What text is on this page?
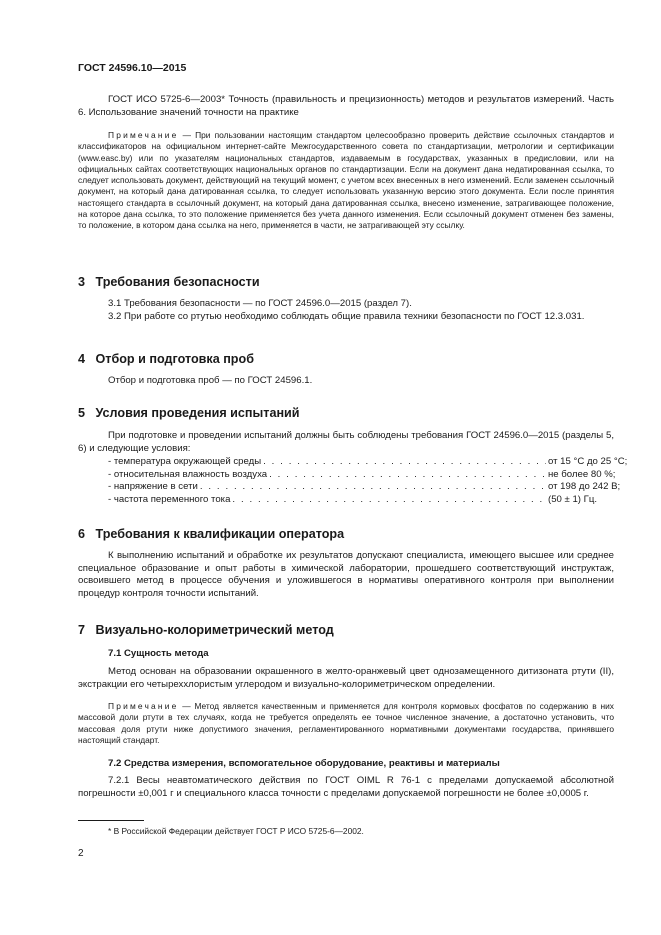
ГОСТ 24596.10—2015

ГОСТ ИСО 5725-6—2003* Точность (правильность и прецизионность) методов и результатов измерений. Часть 6. Использование значений точности на практике

Примечание — При пользовании настоящим стандартом целесообразно проверить действие ссылочных стандартов и классификаторов на официальном интернет-сайте Межгосударственного совета по стандартизации, метрологии и сертификации (www.easc.by) или по указателям национальных стандартов, издаваемым в государствах, указанных в предисловии, или на официальных сайтах соответствующих национальных органов по стандартизации. Если на документ дана недатированная ссылка, то следует использовать документ, действующий на текущий момент, с учетом всех внесенных в него изменений. Если заменен ссылочный документ, на который дана датированная ссылка, то следует использовать указанную версию этого документа. Если после принятия настоящего стандарта в ссылочный документ, на который дана датированная ссылка, внесено изменение, затрагивающее положение, на которое дана ссылка, то это положение применяется без учета данного изменения. Если ссылочный документ отменен без замены, то положение, в котором дана ссылка на него, применяется в части, не затрагивающей эту ссылку.

3 Требования безопасности

3.1 Требования безопасности — по ГОСТ 24596.0—2015 (раздел 7).

3.2 При работе со ртутью необходимо соблюдать общие правила техники безопасности по ГОСТ 12.3.031.

4 Отбор и подготовка проб

Отбор и подготовка проб — по ГОСТ 24596.1.

5 Условия проведения испытаний

При подготовке и проведении испытаний должны быть соблюдены требования ГОСТ 24596.0—2015 (разделы 5, 6) и следующие условия:

- температура окружающей среды . . .	от 15 °С до 25 °С;
- относительная влажность воздуха . . .	не более 80 %;
- напряжение в сети . . .	от 198 до 242 В;
- частота переменного тока . . .	(50 ± 1) Гц.
6 Требования к квалификации оператора

К выполнению испытаний и обработке их результатов допускают специалиста, имеющего высшее или среднее специальное образование и опыт работы в химической лаборатории, прошедшего соответствующий инструктаж, освоившего метод в процессе обучения и уложившегося в нормативы оперативного контроля при выполнении процедур контроля точности испытаний.

7 Визуально-колориметрический метод
7.1 Сущность метода

Метод основан на образовании окрашенного в желто-оранжевый цвет однозамещенного дитизоната ртути (II), экстракции его четыреххлористым углеродом и визуально-колориметрическом определении.

Примечание — Метод является качественным и применяется для контроля кормовых фосфатов по содержанию в них массовой доли ртути в тех случаях, когда не требуется определять ее точное численное значение, а достаточно установить, что массовая доля ртути ниже допустимого значения, регламентированного нормативными документами государства, принявшего настоящий стандарт.

7.2 Средства измерения, вспомогательное оборудование, реактивы и материалы

7.2.1 Весы неавтоматического действия по ГОСТ OIML R 76-1 с пределами допускаемой абсолютной погрешности ±0,001 г и специального класса точности с пределами допускаемой погрешности не более ±0,0005 г.

* В Российской Федерации действует ГОСТ Р ИСО 5725-6—2002.

2
